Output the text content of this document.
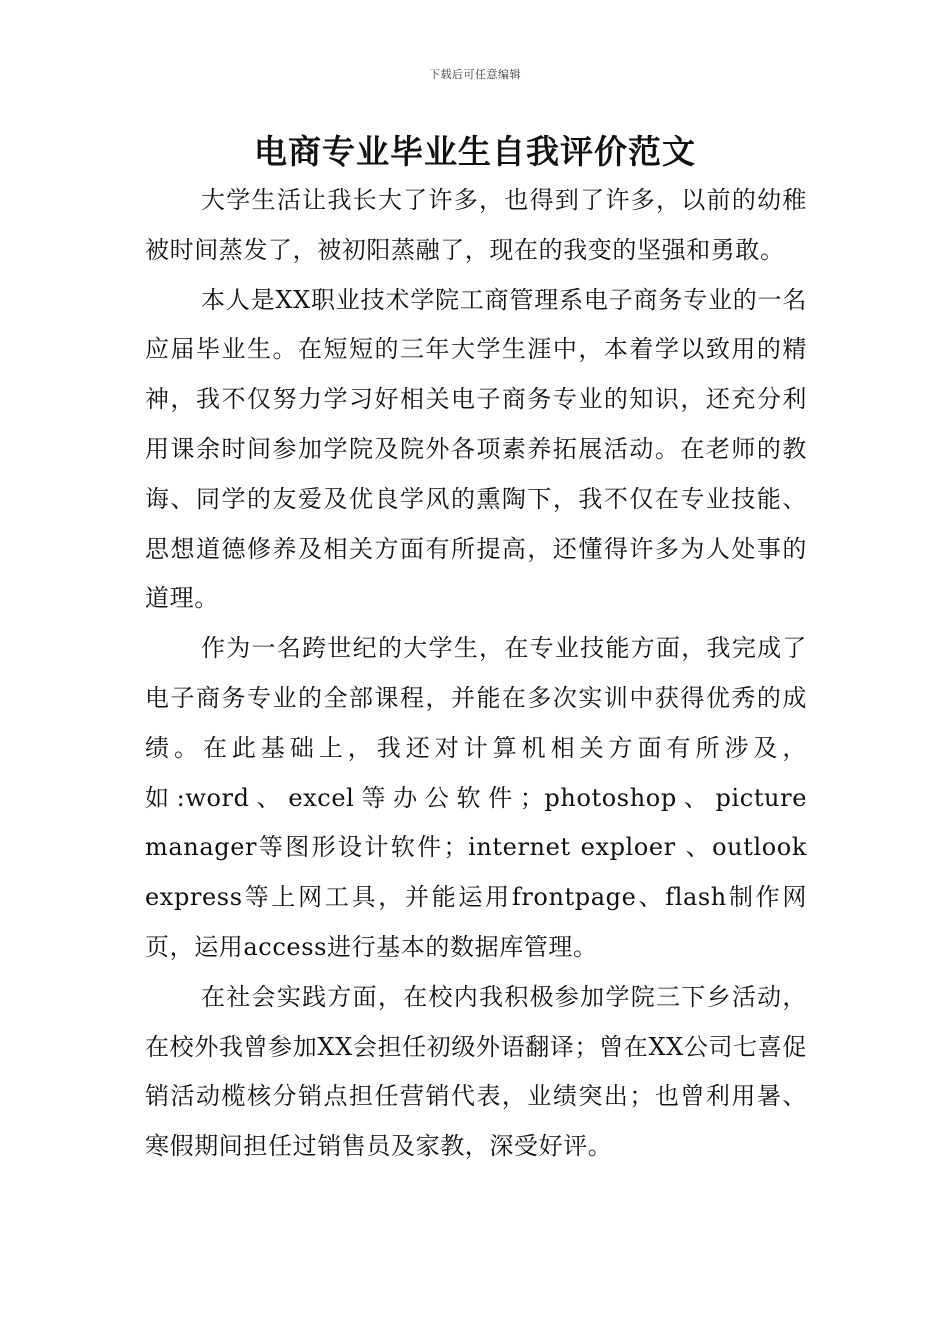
下载后可任意编辑
电商专业毕业生自我评价范文

大学生活让我长大了许多，也得到了许多，以前的幼稚被时间蒸发了，被初阳蒸融了，现在的我变的坚强和勇敢。

本人是XX职业技术学院工商管理系电子商务专业的一名应届毕业生。在短短的三年大学生涯中，本着学以致用的精神，我不仅努力学习好相关电子商务专业的知识，还充分利用课余时间参加学院及院外各项素养拓展活动。在老师的教诲、同学的友爱及优良学风的熏陶下，我不仅在专业技能、思想道德修养及相关方面有所提高，还懂得许多为人处事的道理。

作为一名跨世纪的大学生，在专业技能方面，我完成了电子商务专业的全部课程，并能在多次实训中获得优秀的成绩。在此基础上，我还对计算机相关方面有所涉及，如:word、excel等办公软件；photoshop、picture manager等图形设计软件；internet exploer 、outlook express等上网工具，并能运用frontpage、flash制作网页，运用access进行基本的数据库管理。

在社会实践方面，在校内我积极参加学院三下乡活动，在校外我曾参加XX会担任初级外语翻译；曾在XX公司七喜促销活动榄核分销点担任营销代表，业绩突出；也曾利用暑、寒假期间担任过销售员及家教，深受好评。
